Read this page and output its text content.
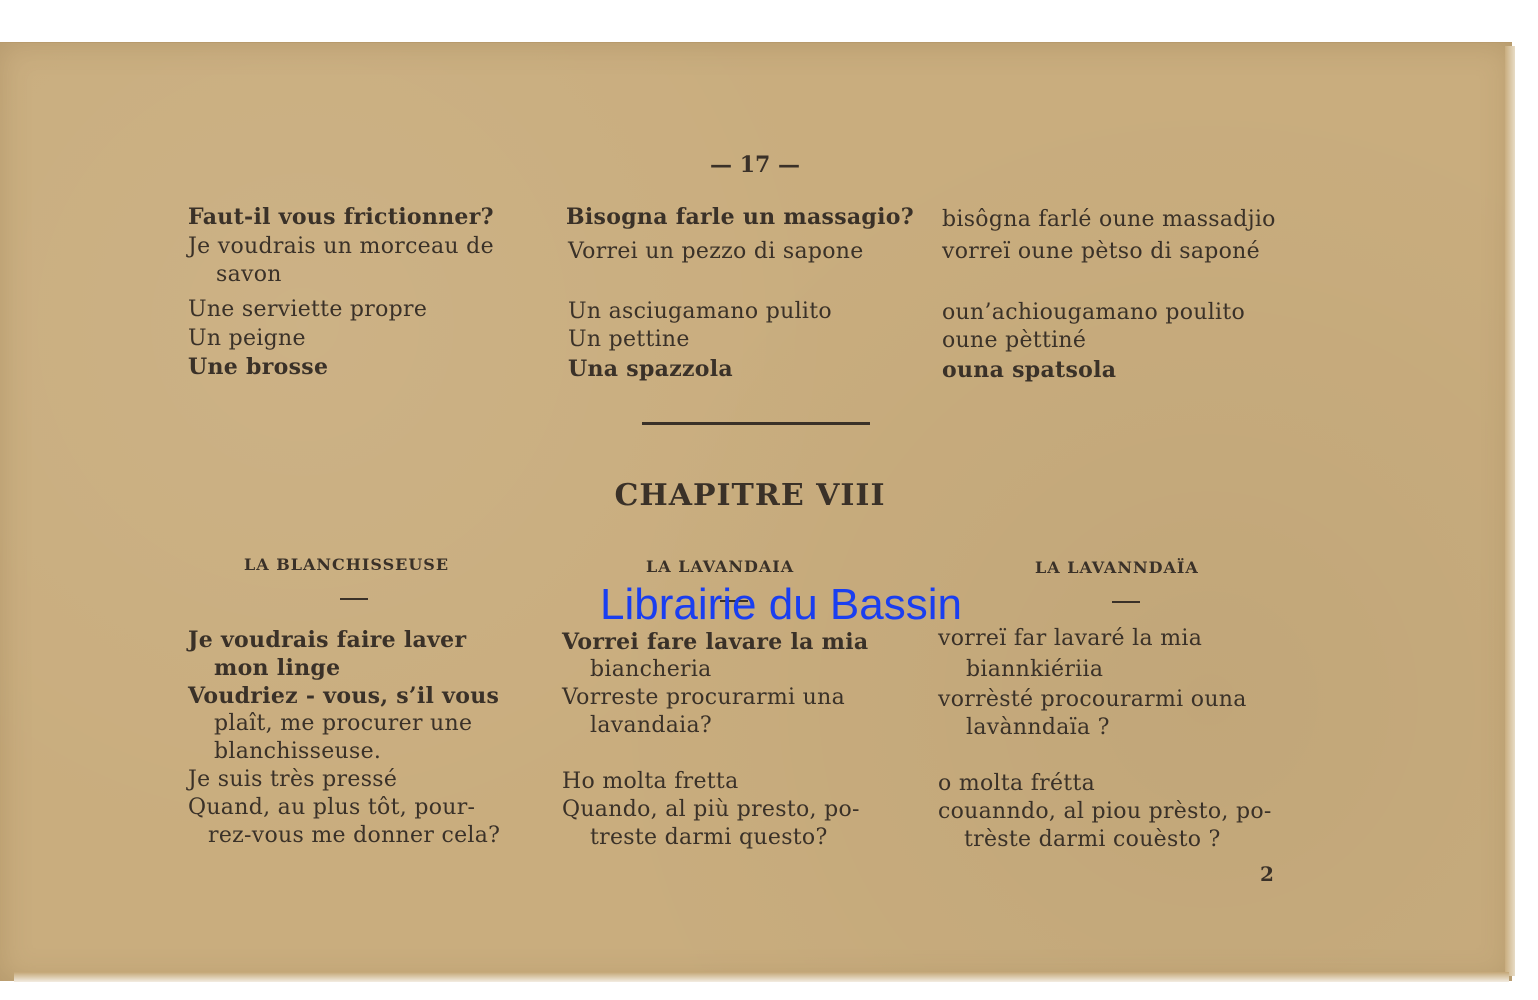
— 17 —
Faut-il vous frictionner?
Je voudrais un morceau de
savon
Une serviette propre
Un peigne
Une brosse
Bisogna farle un massagio?
Vorrei un pezzo di sapone
Un asciugamano pulito
Un pettine
Una spazzola
bisôgna farlé oune massadjio
vorreï oune pètso di saponé
oun’achiougamano poulito
oune pèttiné
ouna spatsola
CHAPITRE VIII
LA BLANCHISSEUSE	LA LAVANDAIA	LA LAVANNDAÏA
Je voudrais faire laver
mon linge
Voudriez - vous, s’il vous
plaît, me procurer une
blanchisseuse.
Je suis très pressé
Quand, au plus tôt, pour-
rez-vous me donner cela?
Vorrei fare lavare la mia
biancheria
Vorreste procurarmi una
lavandaia?
Ho molta fretta
Quando, al più presto, po-
treste darmi questo?
vorreï far lavaré la mia
biannkiériia
vorrèsté procourarmi ouna
lavànndaïa ?
o molta frétta
couanndo, al piou prèsto, po-
trèste darmi couèsto ?
2
Librairie du Bassin
